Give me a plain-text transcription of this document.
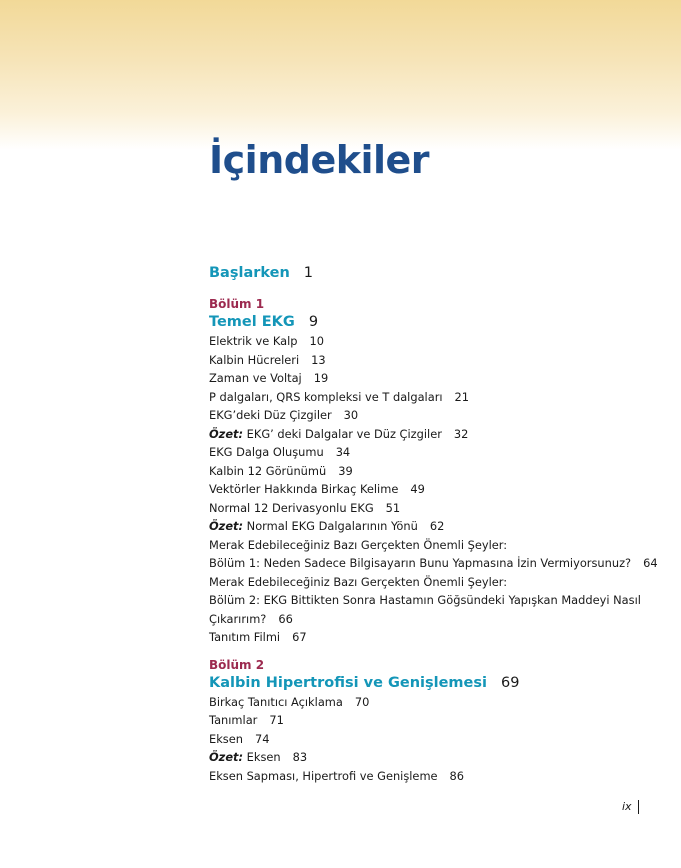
İçindekiler
Başlarken 1
Bölüm 1
Temel EKG 9
Elektrik ve Kalp 10
Kalbin Hücreleri 13
Zaman ve Voltaj 19
P dalgaları, QRS kompleksi ve T dalgaları 21
EKG’deki Düz Çizgiler 30
Özet: EKG’ deki Dalgalar ve Düz Çizgiler 32
EKG Dalga Oluşumu 34
Kalbin 12 Görünümü 39
Vektörler Hakkında Birkaç Kelime 49
Normal 12 Derivasyonlu EKG 51
Özet: Normal EKG Dalgalarının Yönü 62
Merak Edebileceğiniz Bazı Gerçekten Önemli Şeyler:
Bölüm 1: Neden Sadece Bilgisayarın Bunu Yapmasına İzin Vermiyorsunuz? 64
Merak Edebileceğiniz Bazı Gerçekten Önemli Şeyler:
Bölüm 2: EKG Bittikten Sonra Hastamın Göğsündeki Yapışkan Maddeyi Nasıl
Çıkarırım? 66
Tanıtım Filmi 67
Bölüm 2
Kalbin Hipertrofisi ve Genişlemesi 69
Birkaç Tanıtıcı Açıklama 70
Tanımlar 71
Eksen 74
Özet: Eksen 83
Eksen Sapması, Hipertrofi ve Genişleme 86
ix
